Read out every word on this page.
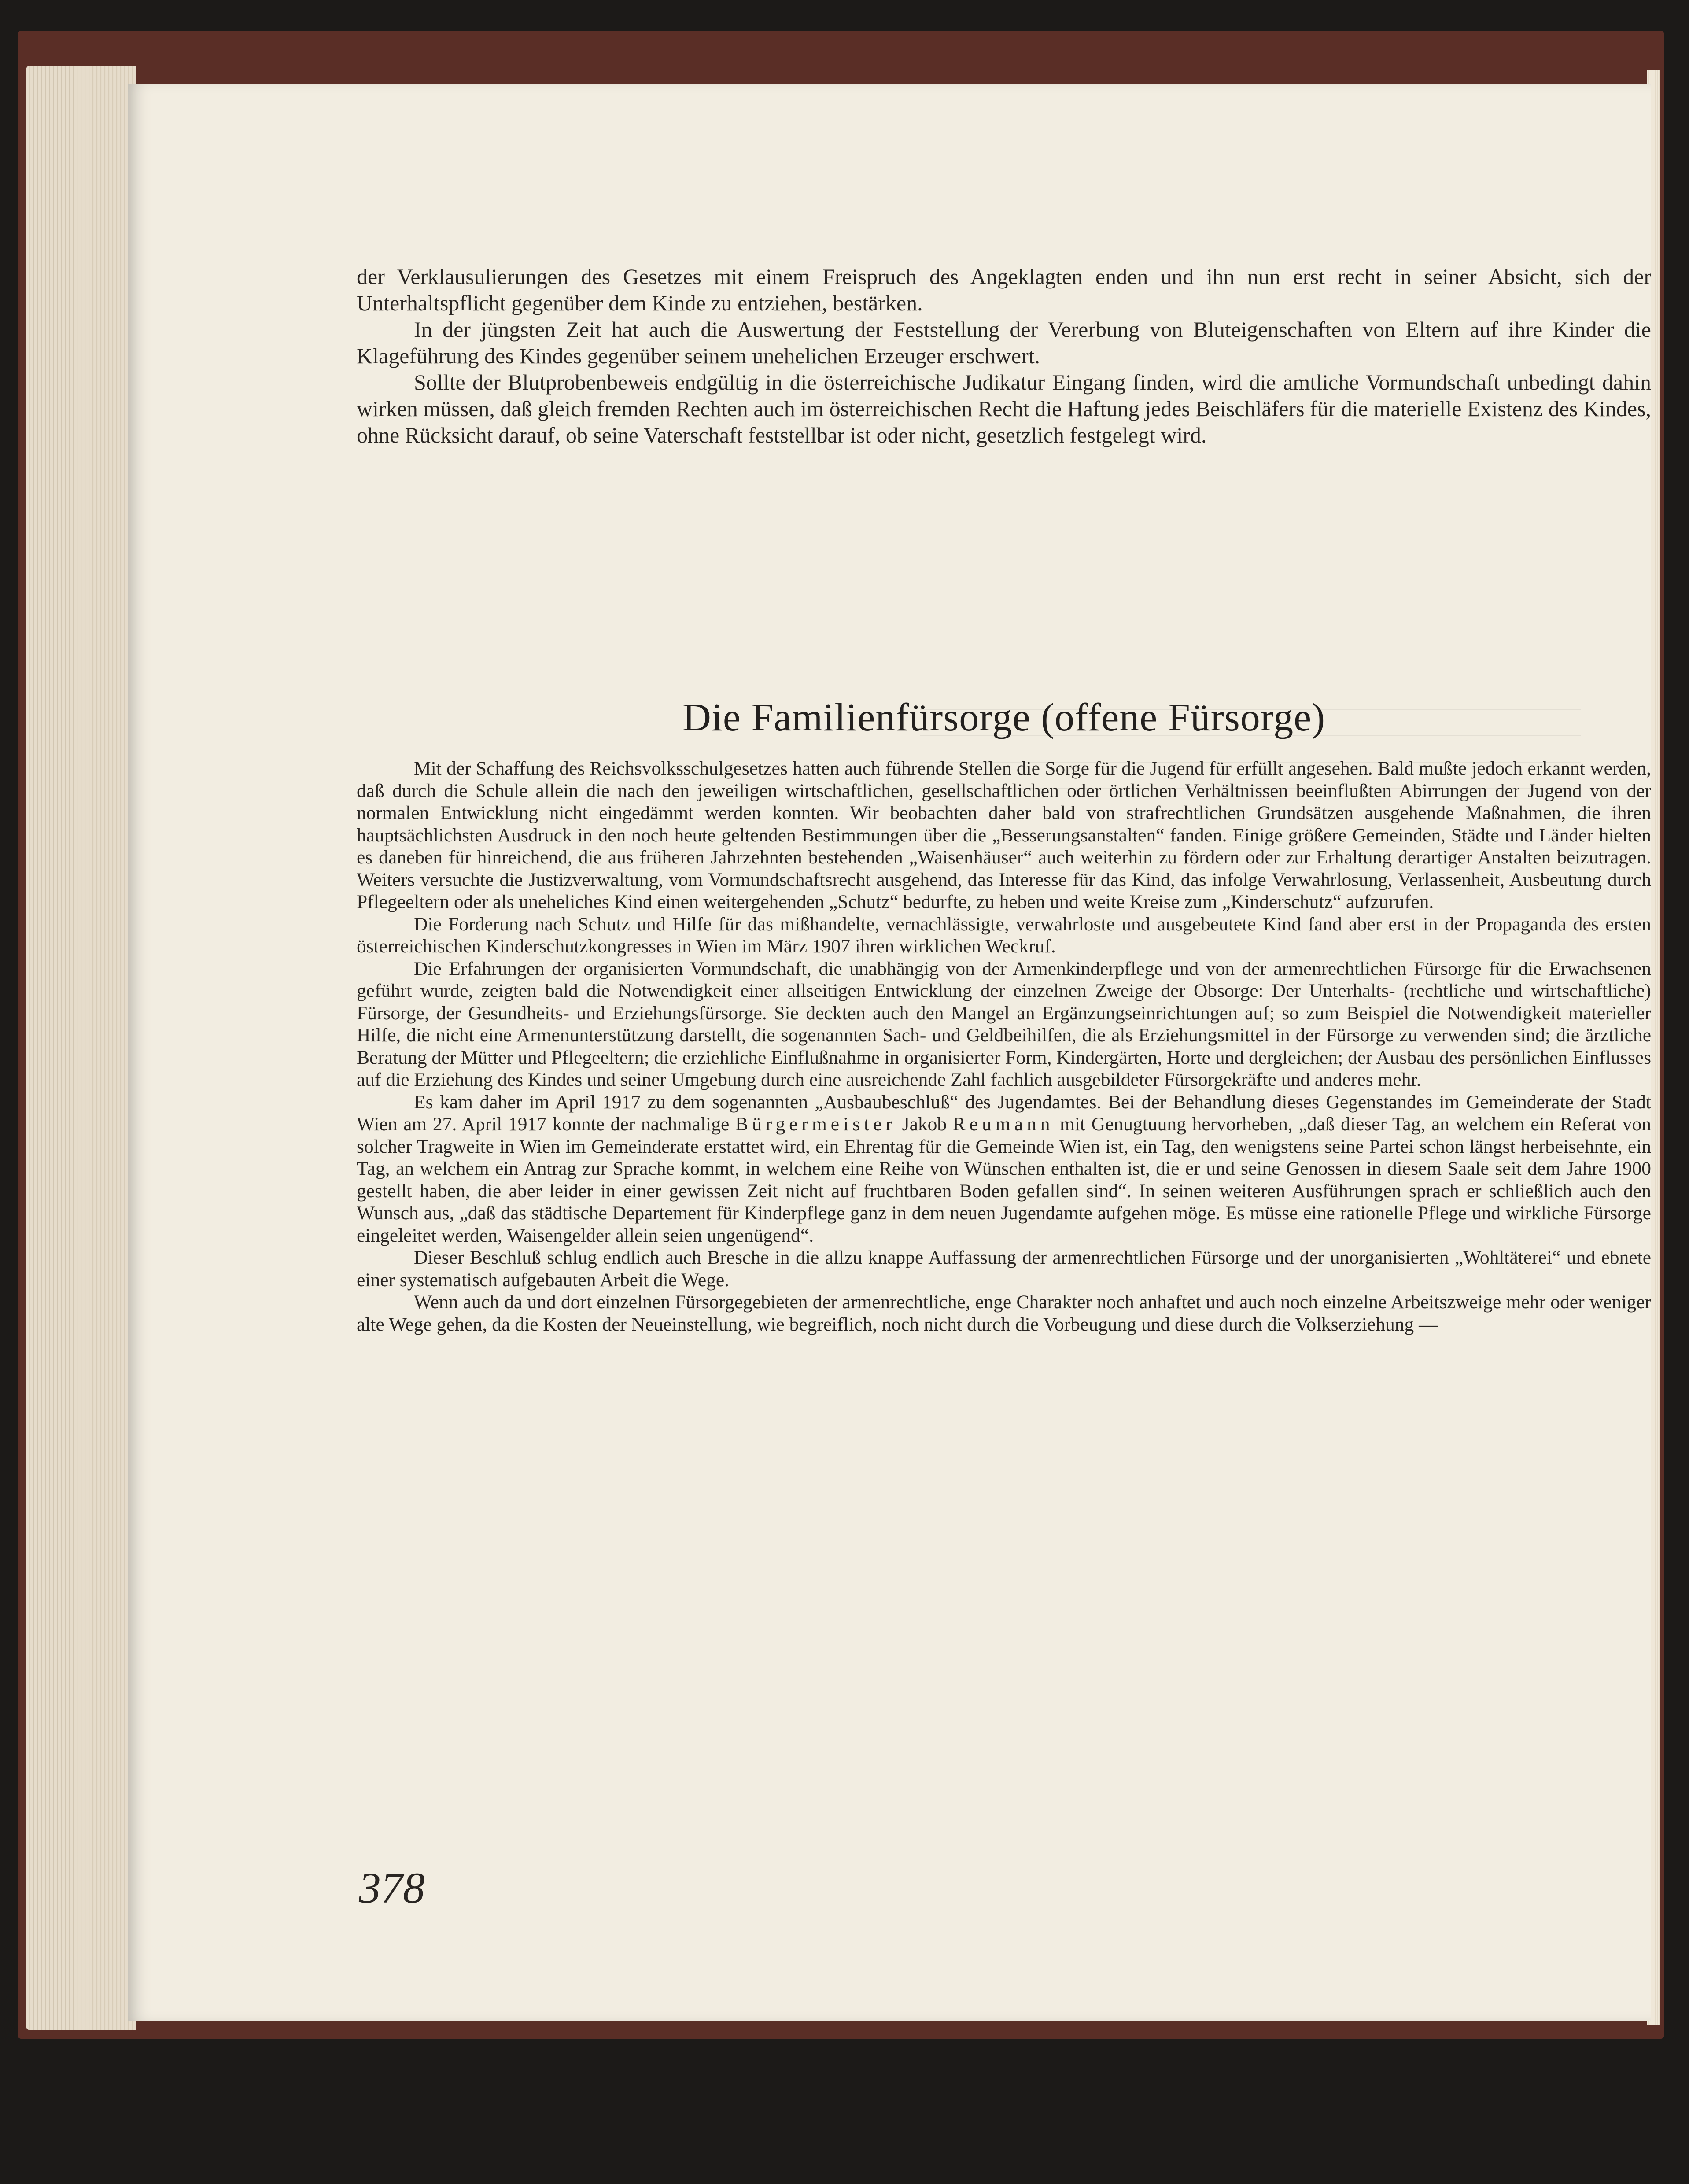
der Verklausulierungen des Gesetzes mit einem Freispruch des Angeklagten enden und ihn nun erst recht in seiner Absicht, sich der Unterhaltspflicht gegenüber dem Kinde zu entziehen, bestärken.

In der jüngsten Zeit hat auch die Auswertung der Feststellung der Vererbung von Bluteigenschaften von Eltern auf ihre Kinder die Klageführung des Kindes gegenüber seinem unehelichen Erzeuger erschwert.

Sollte der Blutprobenbeweis endgültig in die österreichische Judikatur Eingang finden, wird die amtliche Vormundschaft unbedingt dahin wirken müssen, daß gleich fremden Rechten auch im österreichischen Recht die Haftung jedes Beischläfers für die materielle Existenz des Kindes, ohne Rücksicht darauf, ob seine Vaterschaft feststellbar ist oder nicht, gesetzlich festgelegt wird.

Die Familienfürsorge (offene Fürsorge)

Mit der Schaffung des Reichsvolksschulgesetzes hatten auch führende Stellen die Sorge für die Jugend für erfüllt angesehen. Bald mußte jedoch erkannt werden, daß durch die Schule allein die nach den jeweiligen wirtschaftlichen, gesellschaftlichen oder örtlichen Verhältnissen beeinflußten Abirrungen der Jugend von der normalen Entwicklung nicht eingedämmt werden konnten. Wir beobachten daher bald von strafrechtlichen Grundsätzen ausgehende Maßnahmen, die ihren hauptsächlichsten Ausdruck in den noch heute geltenden Bestimmungen über die „Besserungsanstalten“ fanden. Einige größere Gemeinden, Städte und Länder hielten es daneben für hinreichend, die aus früheren Jahrzehnten bestehenden „Waisenhäuser“ auch weiterhin zu fördern oder zur Erhaltung derartiger Anstalten beizutragen. Weiters versuchte die Justizverwaltung, vom Vormundschaftsrecht ausgehend, das Interesse für das Kind, das infolge Verwahrlosung, Verlassenheit, Ausbeutung durch Pflegeeltern oder als uneheliches Kind einen weitergehenden „Schutz“ bedurfte, zu heben und weite Kreise zum „Kinderschutz“ aufzurufen.

Die Forderung nach Schutz und Hilfe für das mißhandelte, vernachlässigte, verwahrloste und ausgebeutete Kind fand aber erst in der Propaganda des ersten österreichischen Kinderschutzkongresses in Wien im März 1907 ihren wirklichen Weckruf.

Die Erfahrungen der organisierten Vormundschaft, die unabhängig von der Armenkinderpflege und von der armenrechtlichen Fürsorge für die Erwachsenen geführt wurde, zeigten bald die Notwendigkeit einer allseitigen Entwicklung der einzelnen Zweige der Obsorge: Der Unterhalts- (rechtliche und wirtschaftliche) Fürsorge, der Gesundheits- und Erziehungsfürsorge. Sie deckten auch den Mangel an Ergänzungseinrichtungen auf; so zum Beispiel die Notwendigkeit materieller Hilfe, die nicht eine Armenunterstützung darstellt, die sogenannten Sach- und Geldbeihilfen, die als Erziehungsmittel in der Fürsorge zu verwenden sind; die ärztliche Beratung der Mütter und Pflegeeltern; die erziehliche Einflußnahme in organisierter Form, Kindergärten, Horte und dergleichen; der Ausbau des persönlichen Einflusses auf die Erziehung des Kindes und seiner Umgebung durch eine ausreichende Zahl fachlich ausgebildeter Fürsorgekräfte und anderes mehr.

Es kam daher im April 1917 zu dem sogenannten „Ausbaubeschluß“ des Jugendamtes. Bei der Behandlung dieses Gegenstandes im Gemeinderate der Stadt Wien am 27. April 1917 konnte der nachmalige Bürgermeister Jakob Reumann mit Genugtuung hervorheben, „daß dieser Tag, an welchem ein Referat von solcher Tragweite in Wien im Gemeinderate erstattet wird, ein Ehrentag für die Gemeinde Wien ist, ein Tag, den wenigstens seine Partei schon längst herbeisehnte, ein Tag, an welchem ein Antrag zur Sprache kommt, in welchem eine Reihe von Wünschen enthalten ist, die er und seine Genossen in diesem Saale seit dem Jahre 1900 gestellt haben, die aber leider in einer gewissen Zeit nicht auf fruchtbaren Boden gefallen sind“. In seinen weiteren Ausführungen sprach er schließlich auch den Wunsch aus, „daß das städtische Departement für Kinderpflege ganz in dem neuen Jugendamte aufgehen möge. Es müsse eine rationelle Pflege und wirkliche Fürsorge eingeleitet werden, Waisengelder allein seien ungenügend“.

Dieser Beschluß schlug endlich auch Bresche in die allzu knappe Auffassung der armenrechtlichen Fürsorge und der unorganisierten „Wohltäterei“ und ebnete einer systematisch aufgebauten Arbeit die Wege.

Wenn auch da und dort einzelnen Fürsorgegebieten der armenrechtliche, enge Charakter noch anhaftet und auch noch einzelne Arbeitszweige mehr oder weniger alte Wege gehen, da die Kosten der Neueinstellung, wie begreiflich, noch nicht durch die Vorbeugung und diese durch die Volkserziehung —

378
